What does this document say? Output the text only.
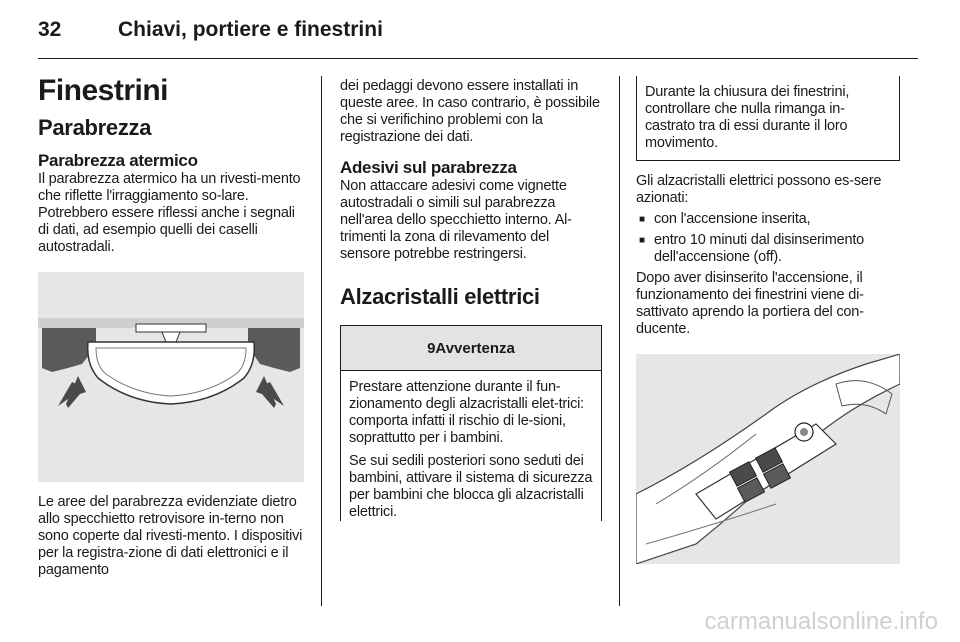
32	Chiavi, portiere e finestrini
Finestrini
Parabrezza
Parabrezza atermico

Il parabrezza atermico ha un rivesti-mento che riflette l'irraggiamento so-lare. Potrebbero essere riflessi anche i segnali di dati, ad esempio quelli dei caselli autostradali.

Le aree del parabrezza evidenziate dietro allo specchietto retrovisore in-terno non sono coperte dal rivesti-mento. I dispositivi per la registra-zione di dati elettronici e il pagamento

dei pedaggi devono essere installati in queste aree. In caso contrario, è possibile che si verifichino problemi con la registrazione dei dati.

Adesivi sul parabrezza

Non attaccare adesivi come vignette autostradali o simili sul parabrezza nell'area dello specchietto interno. Al-trimenti la zona di rilevamento del sensore potrebbe restringersi.

Alzacristalli elettrici
9 Avvertenza

Prestare attenzione durante il fun-zionamento degli alzacristalli elet-trici: comporta infatti il rischio di le-sioni, soprattutto per i bambini.

Se sui sedili posteriori sono seduti dei bambini, attivare il sistema di sicurezza per bambini che blocca gli alzacristalli elettrici.

Durante la chiusura dei finestrini, controllare che nulla rimanga in-castrato tra di essi durante il loro movimento.

Gli alzacristalli elettrici possono es-sere azionati:

■ con l'accensione inserita,
■ entro 10 minuti dal disinserimento dell'accensione (off).

Dopo aver disinserito l'accensione, il funzionamento dei finestrini viene di-sattivato aprendo la portiera del con-ducente.

carmanualsonline.info
